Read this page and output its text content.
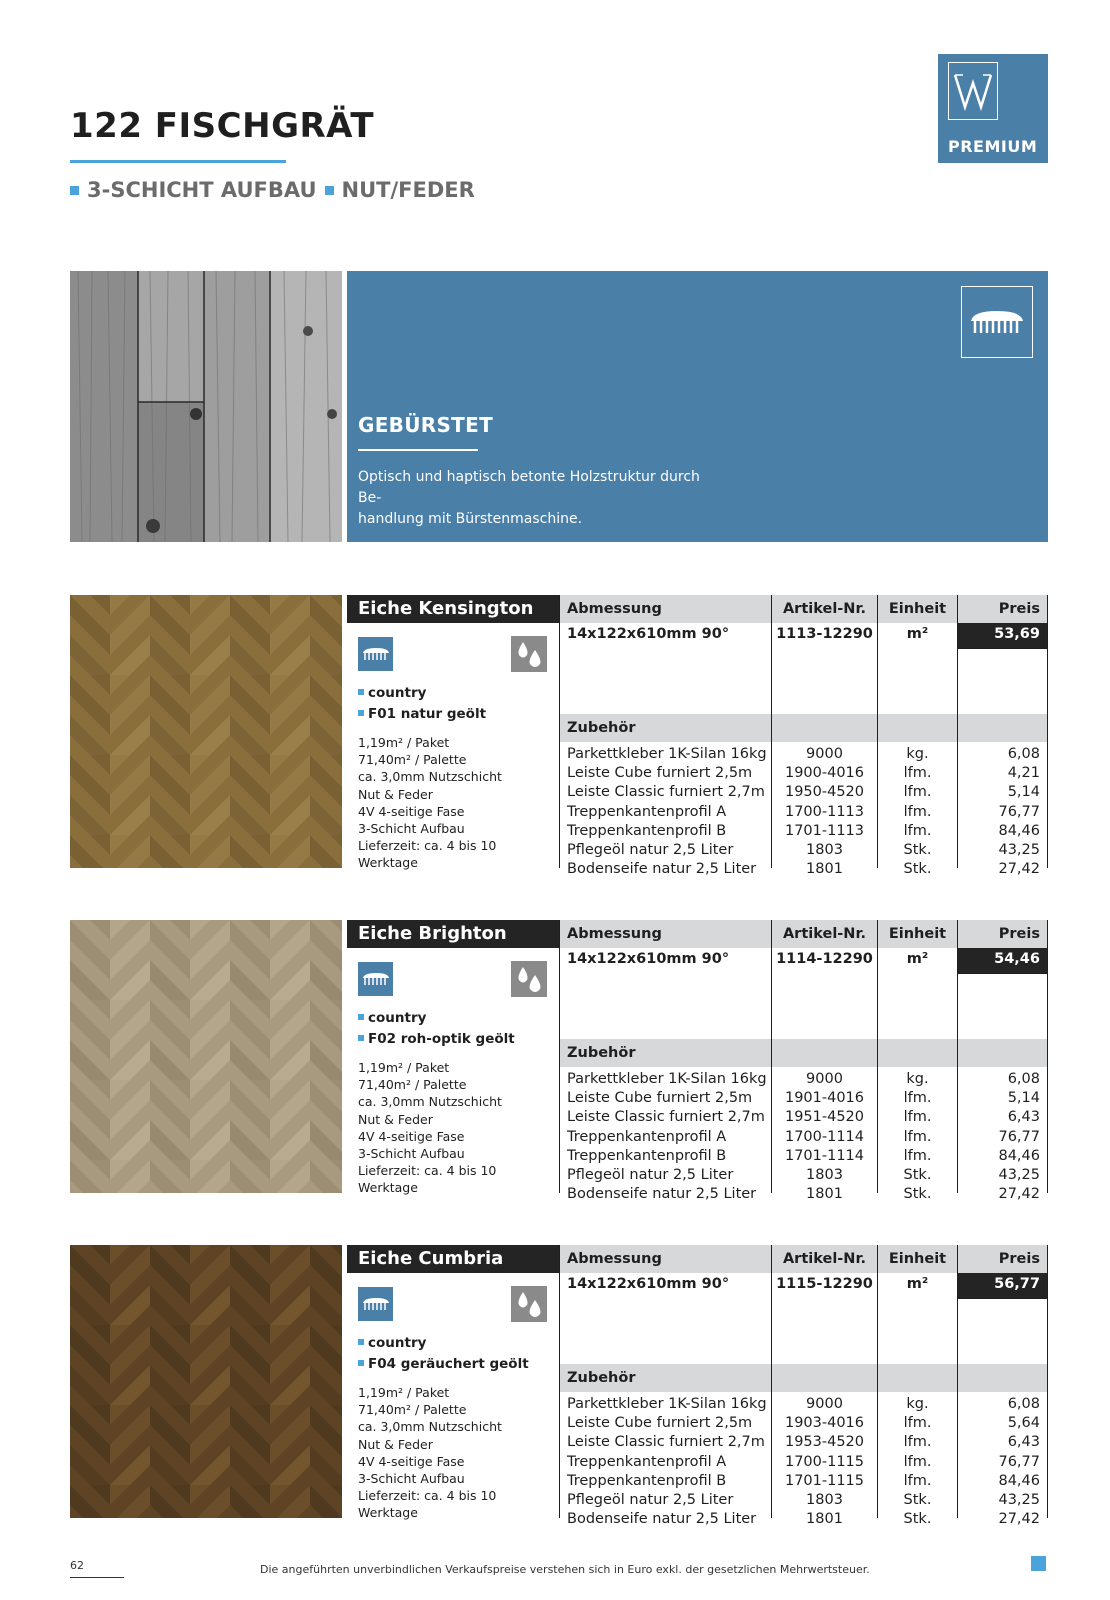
122 FISCHGRÄT
3-SCHICHT AUFBAU NUT/FEDER
PREMIUM
GEBÜRSTET
Optisch und haptisch betonte Holzstruktur durch Be-
handlung mit Bürstenmaschine.
Eiche Kensington
country
F01 natur geölt
1,19m² / Paket
71,40m² / Palette
ca. 3,0mm Nutzschicht
Nut & Feder
4V 4-seitige Fase
3-Schicht Aufbau
Lieferzeit: ca. 4 bis 10 Werktage
Abmessung
14x122x610mm 90°
Zubehör
Parkettkleber 1K-Silan 16kg
Leiste Cube furniert 2,5m
Leiste Classic furniert 2,7m
Treppenkantenprofil A
Treppenkantenprofil B
Pflegeöl natur 2,5 Liter
Bodenseife natur 2,5 Liter
Artikel-Nr.
1113-12290
9000
1900-4016
1950-4520
1700-1113
1701-1113
1803
1801
Einheit
m²
kg.
lfm.
lfm.
lfm.
lfm.
Stk.
Stk.
Preis
53,69
6,08
4,21
5,14
76,77
84,46
43,25
27,42
Eiche Brighton
country
F02 roh-optik geölt
1,19m² / Paket
71,40m² / Palette
ca. 3,0mm Nutzschicht
Nut & Feder
4V 4-seitige Fase
3-Schicht Aufbau
Lieferzeit: ca. 4 bis 10 Werktage
Abmessung
14x122x610mm 90°
Zubehör
Parkettkleber 1K-Silan 16kg
Leiste Cube furniert 2,5m
Leiste Classic furniert 2,7m
Treppenkantenprofil A
Treppenkantenprofil B
Pflegeöl natur 2,5 Liter
Bodenseife natur 2,5 Liter
Artikel-Nr.
1114-12290
9000
1901-4016
1951-4520
1700-1114
1701-1114
1803
1801
Einheit
m²
kg.
lfm.
lfm.
lfm.
lfm.
Stk.
Stk.
Preis
54,46
6,08
5,14
6,43
76,77
84,46
43,25
27,42
Eiche Cumbria
country
F04 geräuchert geölt
1,19m² / Paket
71,40m² / Palette
ca. 3,0mm Nutzschicht
Nut & Feder
4V 4-seitige Fase
3-Schicht Aufbau
Lieferzeit: ca. 4 bis 10 Werktage
Abmessung
14x122x610mm 90°
Zubehör
Parkettkleber 1K-Silan 16kg
Leiste Cube furniert 2,5m
Leiste Classic furniert 2,7m
Treppenkantenprofil A
Treppenkantenprofil B
Pflegeöl natur 2,5 Liter
Bodenseife natur 2,5 Liter
Artikel-Nr.
1115-12290
9000
1903-4016
1953-4520
1700-1115
1701-1115
1803
1801
Einheit
m²
kg.
lfm.
lfm.
lfm.
lfm.
Stk.
Stk.
Preis
56,77
6,08
5,64
6,43
76,77
84,46
43,25
27,42
62	Die angeführten unverbindlichen Verkaufspreise verstehen sich in Euro exkl. der gesetzlichen Mehrwertsteuer.
